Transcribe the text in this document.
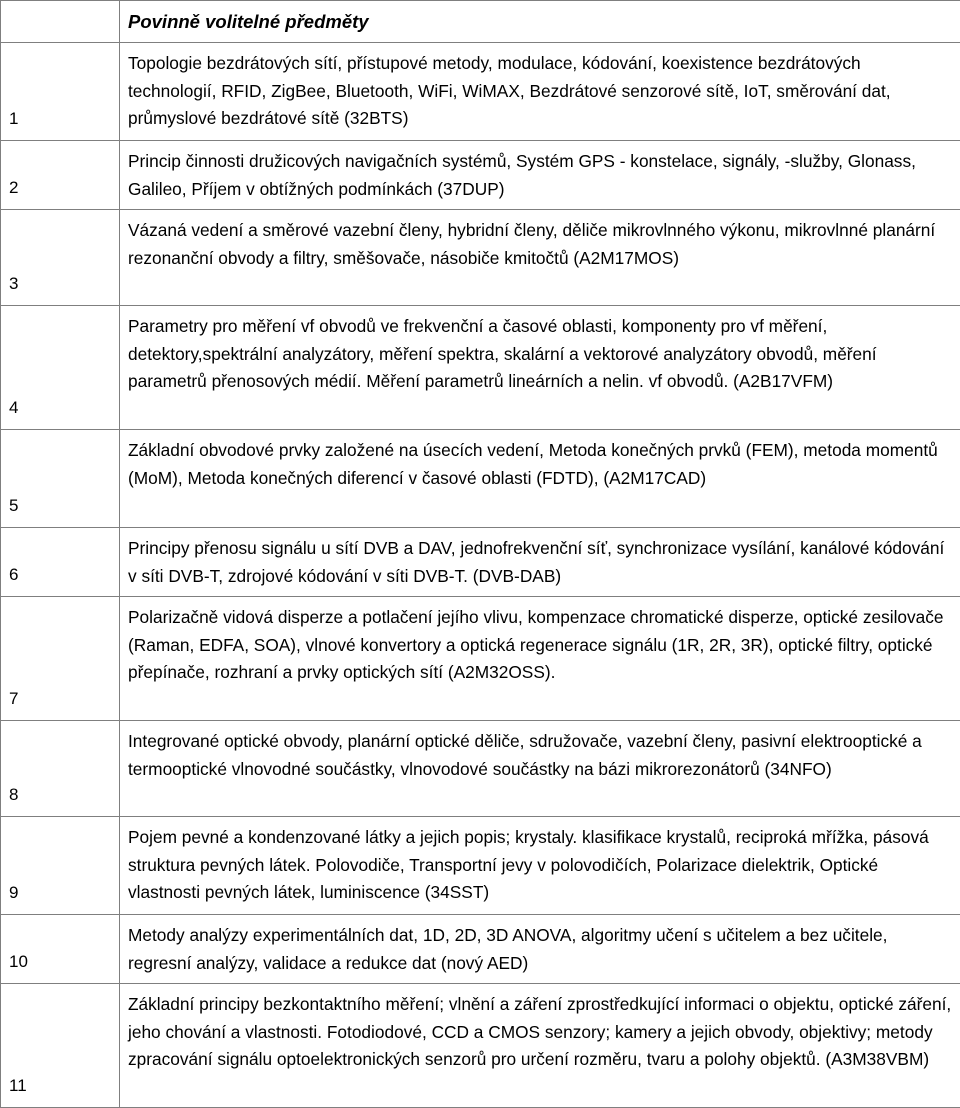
	Povinně volitelné předměty
1	Topologie bezdrátových sítí, přístupové metody, modulace, kódování, koexistence bezdrátových technologií, RFID, ZigBee, Bluetooth, WiFi, WiMAX, Bezdrátové senzorové sítě, IoT, směrování dat, průmyslové bezdrátové sítě (32BTS)
2	Princip činnosti družicových navigačních systémů, Systém GPS - konstelace, signály, -služby, Glonass, Galileo, Příjem v obtížných podmínkách (37DUP)
3	Vázaná vedení a směrové vazební členy, hybridní členy, děliče mikrovlnného výkonu, mikrovlnné planární rezonanční obvody a filtry, směšovače, násobiče kmitočtů (A2M17MOS)
4	Parametry pro měření vf obvodů ve frekvenční a časové oblasti, komponenty pro vf měření, detektory,spektrální analyzátory, měření spektra, skalární a vektorové analyzátory obvodů, měření parametrů přenosových médií. Měření parametrů lineárních a nelin. vf obvodů. (A2B17VFM)
5	Základní obvodové prvky založené na úsecích vedení, Metoda konečných prvků (FEM), metoda momentů (MoM), Metoda konečných diferencí v časové oblasti (FDTD), (A2M17CAD)
6	Principy přenosu signálu u sítí DVB a DAV, jednofrekvenční síť, synchronizace vysílání, kanálové kódování v síti DVB-T, zdrojové kódování v síti DVB-T. (DVB-DAB)
7	Polarizačně vidová disperze a potlačení jejího vlivu, kompenzace chromatické disperze, optické zesilovače (Raman, EDFA, SOA), vlnové konvertory a optická regenerace signálu (1R, 2R, 3R), optické filtry, optické přepínače, rozhraní a prvky optických sítí (A2M32OSS).
8	Integrované optické obvody, planární optické děliče, sdružovače, vazební členy, pasivní elektrooptické a termooptické vlnovodné součástky, vlnovodové součástky na bázi mikrorezonátorů (34NFO)
9	Pojem pevné a kondenzované látky a jejich popis; krystaly. klasifikace krystalů, reciproká mřížka, pásová struktura pevných látek. Polovodiče, Transportní jevy v polovodičích, Polarizace dielektrik, Optické vlastnosti pevných látek, luminiscence (34SST)
10	Metody analýzy experimentálních dat, 1D, 2D, 3D ANOVA, algoritmy učení s učitelem a bez učitele, regresní analýzy, validace a redukce dat (nový AED)
11	Základní principy bezkontaktního měření; vlnění a záření zprostředkující informaci o objektu, optické záření, jeho chování a vlastnosti. Fotodiodové, CCD a CMOS senzory; kamery a jejich obvody, objektivy; metody zpracování signálu optoelektronických senzorů pro určení rozměru, tvaru a polohy objektů. (A3M38VBM)
